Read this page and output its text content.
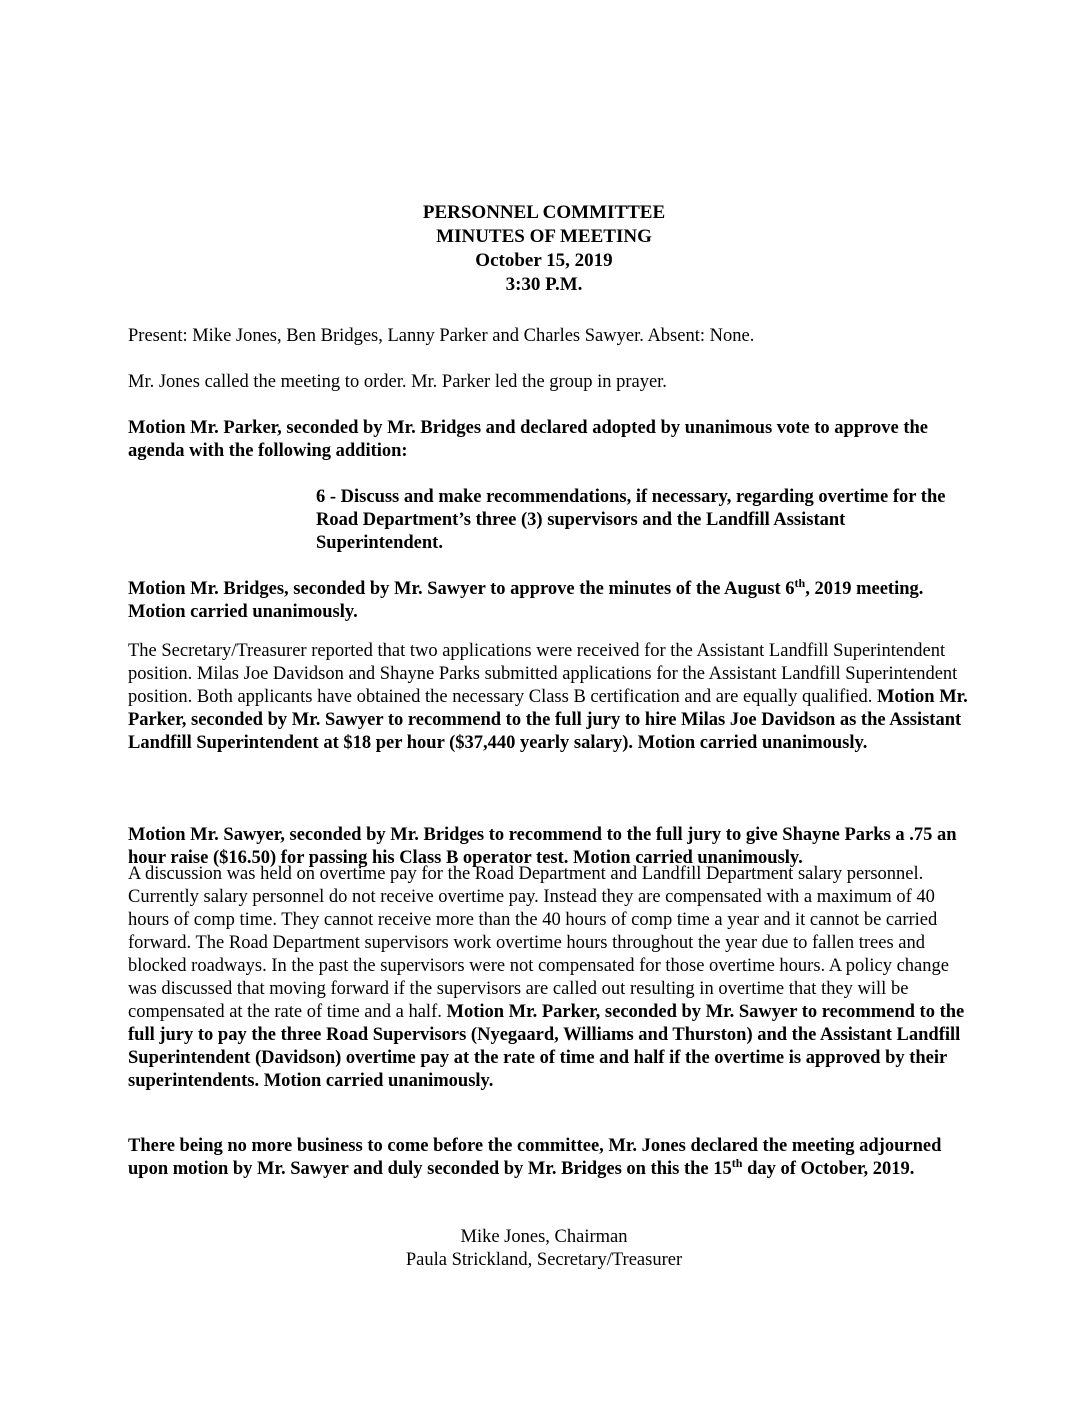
PERSONNEL COMMITTEE
MINUTES OF MEETING
October 15, 2019
3:30 P.M.

Present: Mike Jones, Ben Bridges, Lanny Parker and Charles Sawyer. Absent: None.

Mr. Jones called the meeting to order. Mr. Parker led the group in prayer.

Motion Mr. Parker, seconded by Mr. Bridges and declared adopted by unanimous vote to approve the agenda with the following addition:

6 - Discuss and make recommendations, if necessary, regarding overtime for the Road Department’s three (3) supervisors and the Landfill Assistant Superintendent.

Motion Mr. Bridges, seconded by Mr. Sawyer to approve the minutes of the August 6th, 2019 meeting. Motion carried unanimously.

The Secretary/Treasurer reported that two applications were received for the Assistant Landfill Superintendent position. Milas Joe Davidson and Shayne Parks submitted applications for the Assistant Landfill Superintendent position. Both applicants have obtained the necessary Class B certification and are equally qualified. Motion Mr. Parker, seconded by Mr. Sawyer to recommend to the full jury to hire Milas Joe Davidson as the Assistant Landfill Superintendent at $18 per hour ($37,440 yearly salary). Motion carried unanimously.

Motion Mr. Sawyer, seconded by Mr. Bridges to recommend to the full jury to give Shayne Parks a .75 an hour raise ($16.50) for passing his Class B operator test. Motion carried unanimously.

A discussion was held on overtime pay for the Road Department and Landfill Department salary personnel. Currently salary personnel do not receive overtime pay. Instead they are compensated with a maximum of 40 hours of comp time. They cannot receive more than the 40 hours of comp time a year and it cannot be carried forward. The Road Department supervisors work overtime hours throughout the year due to fallen trees and blocked roadways. In the past the supervisors were not compensated for those overtime hours. A policy change was discussed that moving forward if the supervisors are called out resulting in overtime that they will be compensated at the rate of time and a half. Motion Mr. Parker, seconded by Mr. Sawyer to recommend to the full jury to pay the three Road Supervisors (Nyegaard, Williams and Thurston) and the Assistant Landfill Superintendent (Davidson) overtime pay at the rate of time and half if the overtime is approved by their superintendents. Motion carried unanimously.

There being no more business to come before the committee, Mr. Jones declared the meeting adjourned upon motion by Mr. Sawyer and duly seconded by Mr. Bridges on this the 15th day of October, 2019.

Mike Jones, Chairman
Paula Strickland, Secretary/Treasurer
